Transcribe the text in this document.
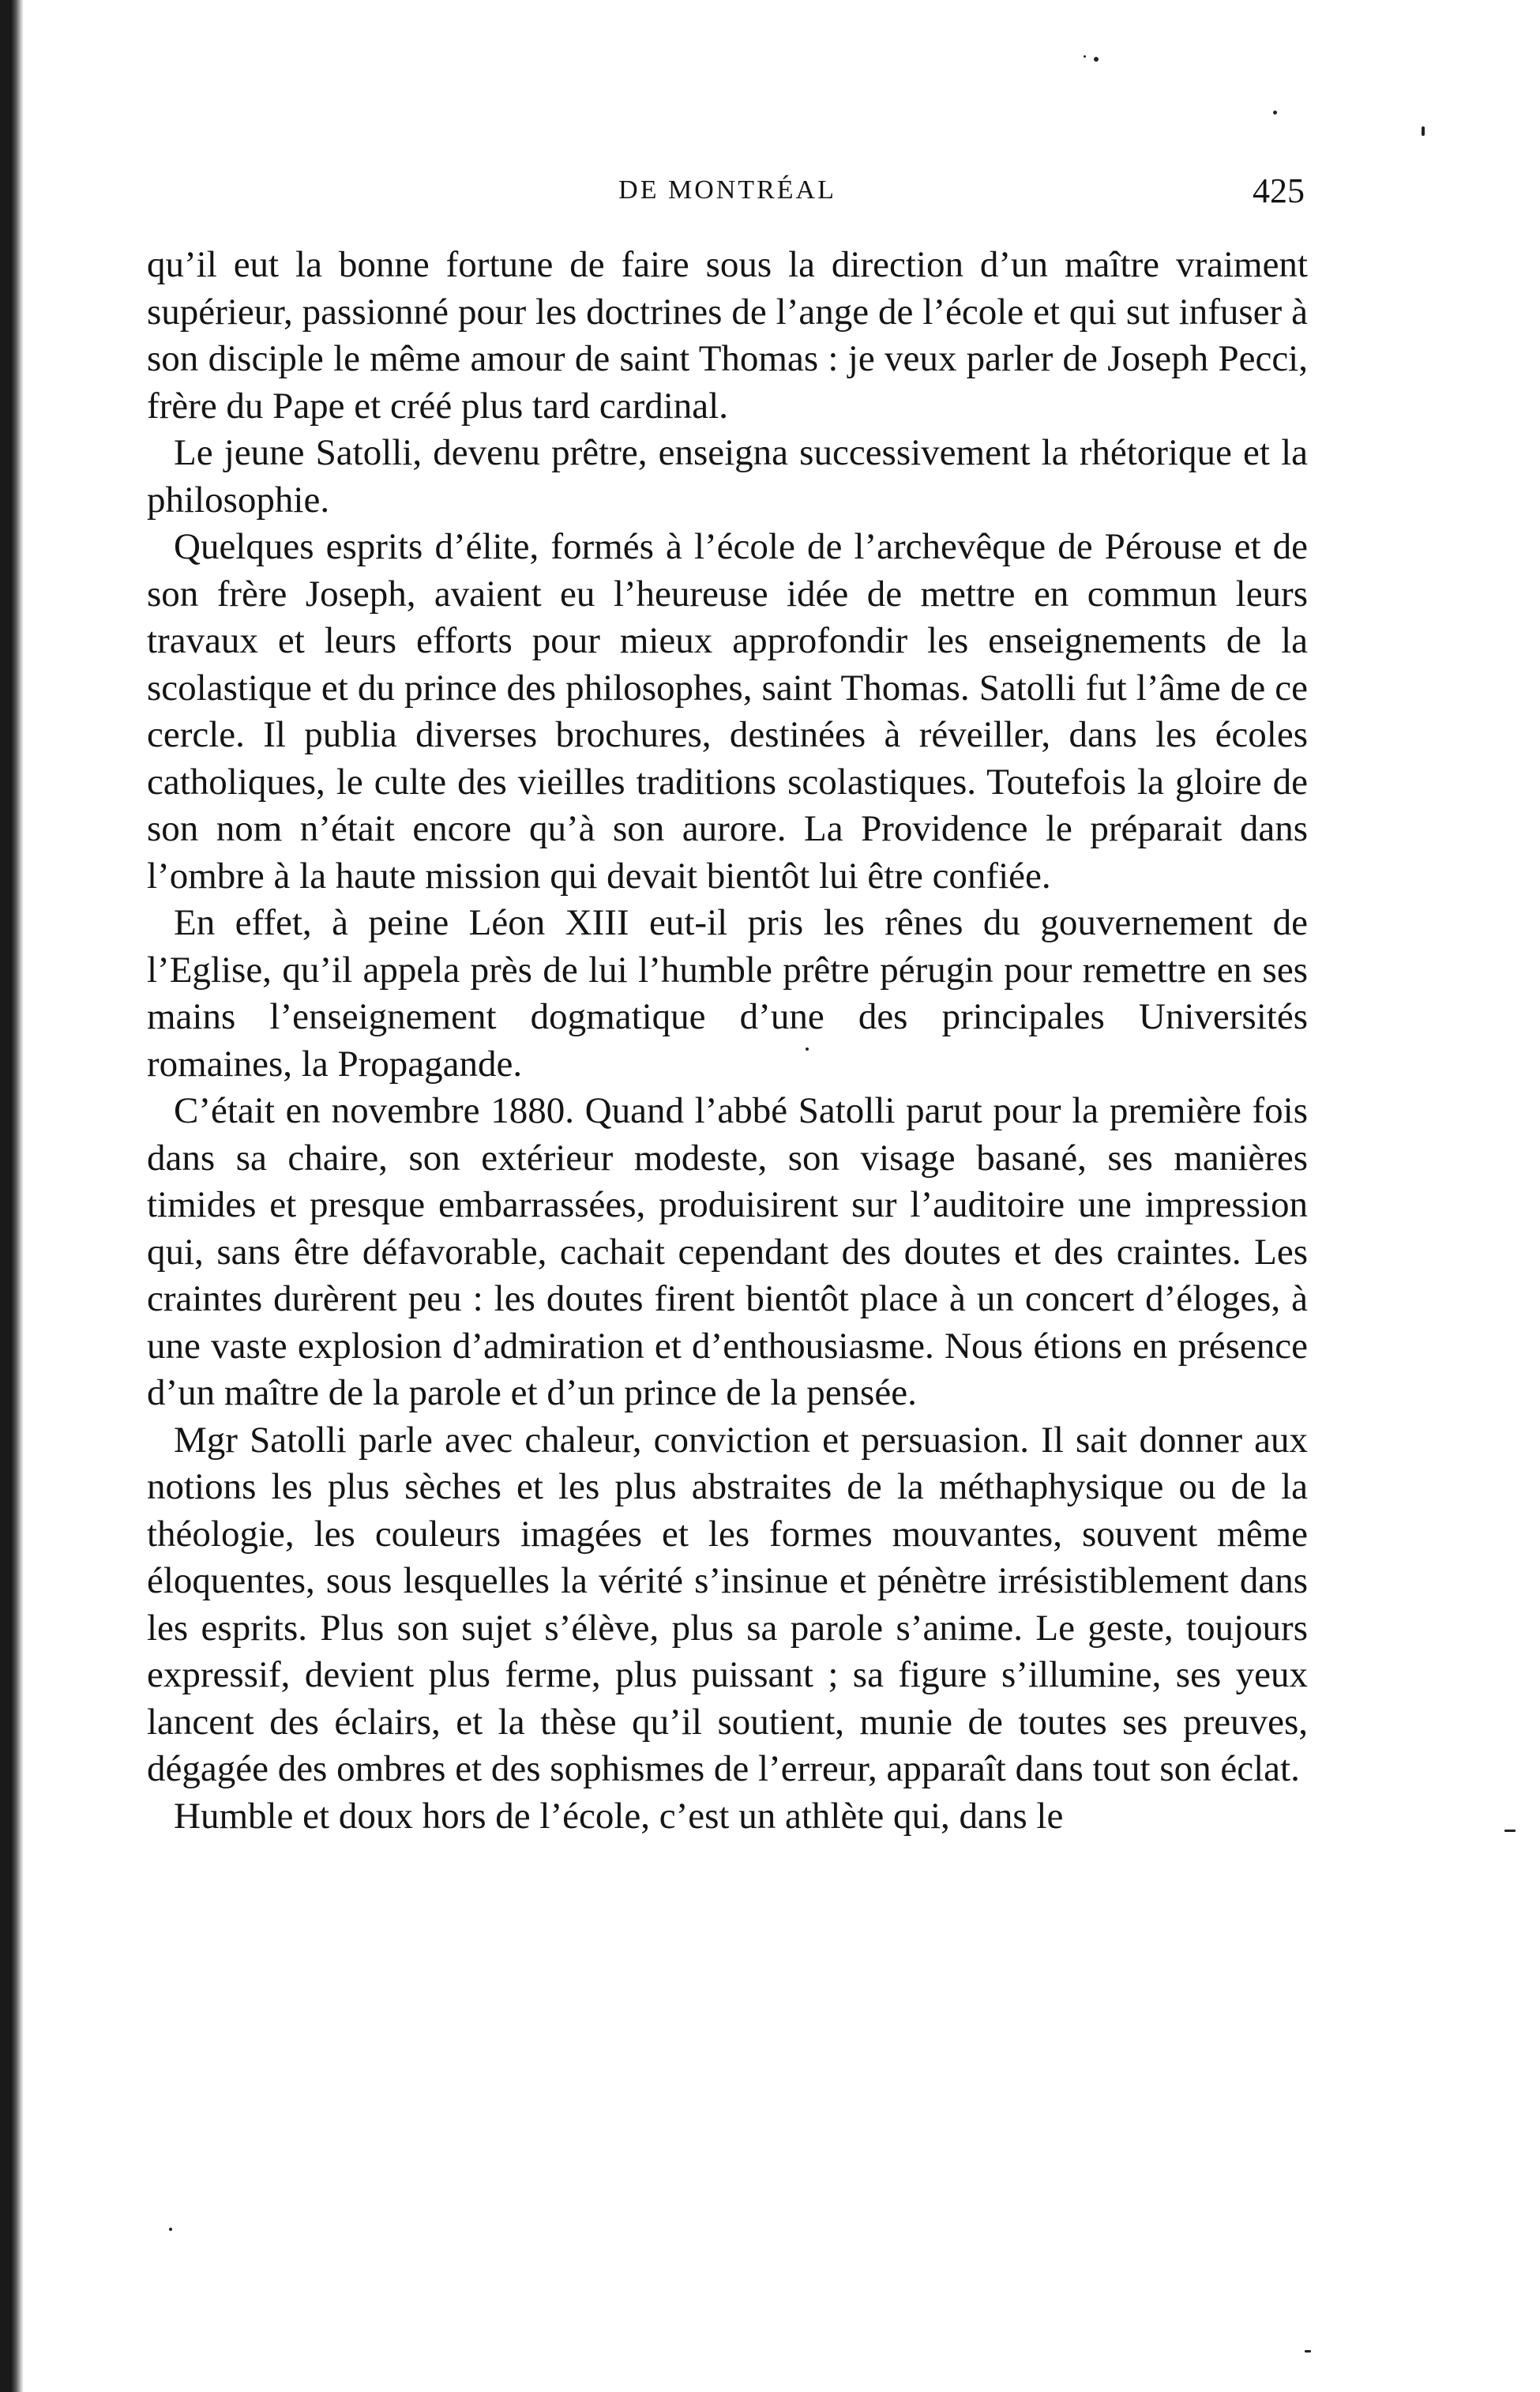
DE MONTRÉAL	425

qu’il eut la bonne fortune de faire sous la direction d’un maître vraiment supérieur, passionné pour les doctrines de l’ange de l’école et qui sut infuser à son disciple le même amour de saint Thomas : je veux parler de Joseph Pecci, frère du Pape et créé plus tard cardinal.

Le jeune Satolli, devenu prêtre, enseigna successivement la rhétorique et la philosophie.

Quelques esprits d’élite, formés à l’école de l’archevêque de Pérouse et de son frère Joseph, avaient eu l’heureuse idée de mettre en commun leurs travaux et leurs efforts pour mieux approfondir les enseignements de la scolastique et du prince des philosophes, saint Thomas. Satolli fut l’âme de ce cercle. Il publia diverses brochures, destinées à réveiller, dans les écoles catholiques, le culte des vieilles traditions scolastiques. Toutefois la gloire de son nom n’était encore qu’à son aurore. La Providence le préparait dans l’ombre à la haute mission qui devait bientôt lui être confiée.

En effet, à peine Léon XIII eut-il pris les rênes du gouvernement de l’Eglise, qu’il appela près de lui l’humble prêtre pérugin pour remettre en ses mains l’enseignement dogmatique d’une des principales Universités romaines, la Propagande.

C’était en novembre 1880. Quand l’abbé Satolli parut pour la première fois dans sa chaire, son extérieur modeste, son visage basané, ses manières timides et presque embarrassées, produisirent sur l’auditoire une impression qui, sans être défavorable, cachait cependant des doutes et des craintes. Les craintes durèrent peu : les doutes firent bientôt place à un concert d’éloges, à une vaste explosion d’admiration et d’enthousiasme. Nous étions en présence d’un maître de la parole et d’un prince de la pensée.

Mgr Satolli parle avec chaleur, conviction et persuasion. Il sait donner aux notions les plus sèches et les plus abstraites de la méthaphysique ou de la théologie, les couleurs imagées et les formes mouvantes, souvent même éloquentes, sous lesquelles la vérité s’insinue et pénètre irrésistiblement dans les esprits. Plus son sujet s’élève, plus sa parole s’anime. Le geste, toujours expressif, devient plus ferme, plus puissant ; sa figure s’illumine, ses yeux lancent des éclairs, et la thèse qu’il soutient, munie de toutes ses preuves, dégagée des ombres et des sophismes de l’erreur, apparaît dans tout son éclat.

Humble et doux hors de l’école, c’est un athlète qui, dans le
